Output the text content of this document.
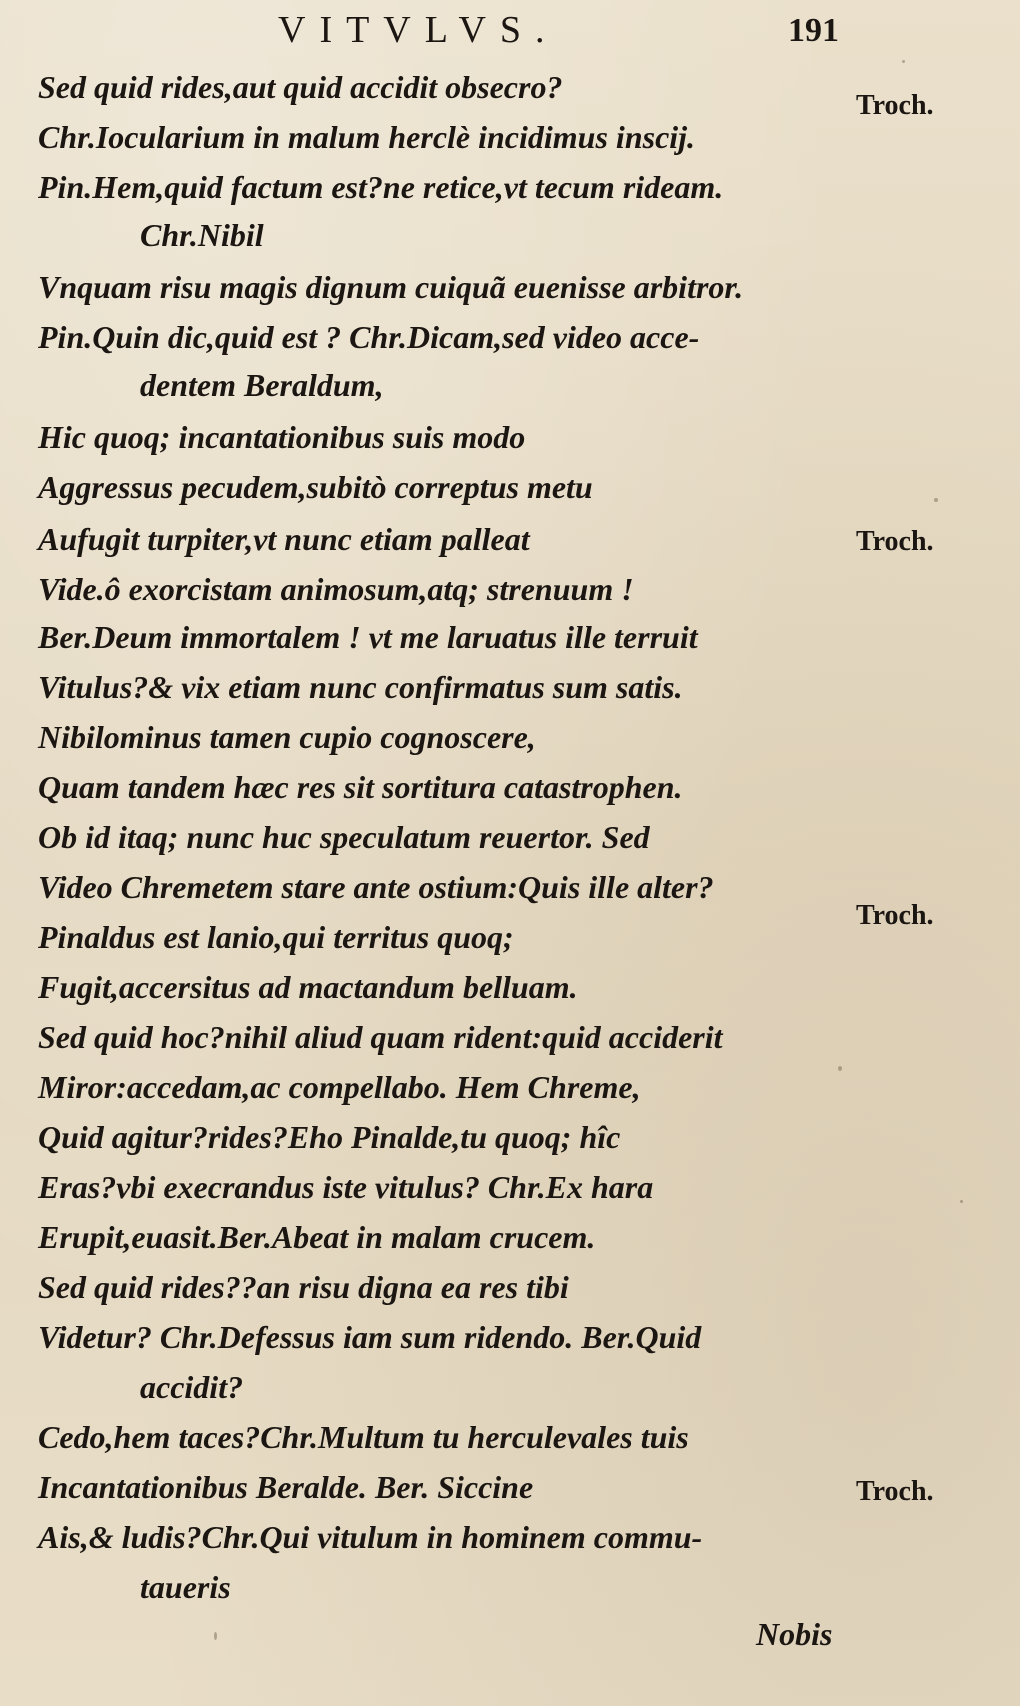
VITVLVS.	191
Sed quid rides,aut quid accidit obsecro?
Chr.Iocularium in malum herclè incidimus inscij.
Pin.Hem,quid factum est?ne retice,vt tecum rideam.
Chr.Nibil
Vnquam risu magis dignum cuiquã euenisse arbitror.
Pin.Quin dic,quid est ? Chr.Dicam,sed video acce-
dentem Beraldum,
Hic quoq; incantationibus suis modo
Aggressus pecudem,subitò correptus metu
Aufugit turpiter,vt nunc etiam palleat
Vide.ô exorcistam animosum,atq; strenuum !
Ber.Deum immortalem ! vt me laruatus ille terruit
Vitulus?& vix etiam nunc confirmatus sum satis.
Nibilominus tamen cupio cognoscere,
Quam tandem hæc res sit sortitura catastrophen.
Ob id itaq; nunc huc speculatum reuertor. Sed
Video Chremetem stare ante ostium:Quis ille alter?
Pinaldus est lanio,qui territus quoq;
Fugit,accersitus ad mactandum belluam.
Sed quid hoc?nihil aliud quam rident:quid acciderit
Miror:accedam,ac compellabo. Hem Chreme,
Quid agitur?rides?Eho Pinalde,tu quoq; hîc
Eras?vbi execrandus iste vitulus? Chr.Ex hara
Erupit,euasit.Ber.Abeat in malam crucem.
Sed quid rides??an risu digna ea res tibi
Videtur? Chr.Defessus iam sum ridendo. Ber.Quid
accidit?
Cedo,hem taces?Chr.Multum tu herculevales tuis
Incantationibus Beralde. Ber. Siccine
Ais,& ludis?Chr.Qui vitulum in hominem commu-
taueris
Troch.
Troch.
Troch.
Troch.
Nobis
